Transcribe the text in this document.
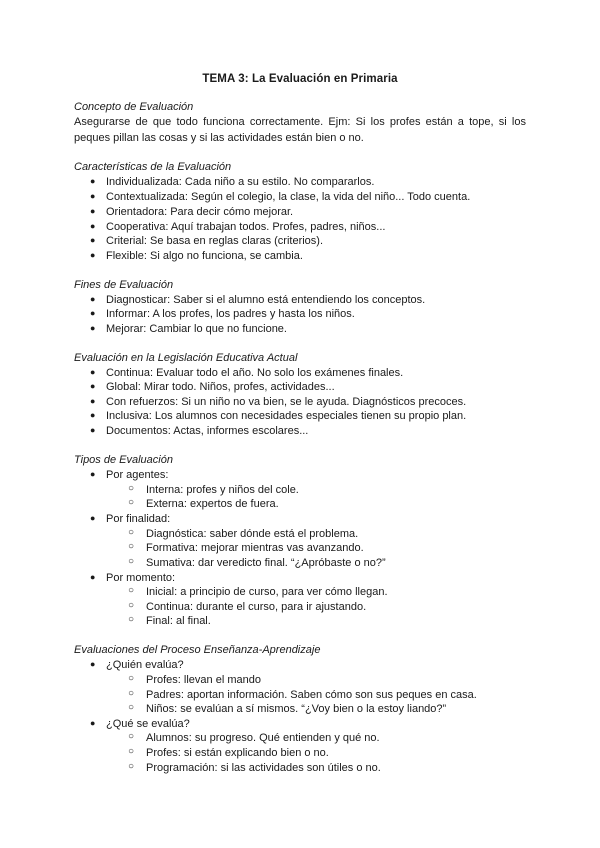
TEMA 3: La Evaluación en Primaria
Concepto de Evaluación
Asegurarse de que todo funciona correctamente. Ejm: Si los profes están a tope, si los peques pillan las cosas y si las actividades están bien o no.
Características de la Evaluación
● Individualizada: Cada niño a su estilo. No compararlos.
● Contextualizada: Según el colegio, la clase, la vida del niño... Todo cuenta.
● Orientadora: Para decir cómo mejorar.
● Cooperativa: Aquí trabajan todos. Profes, padres, niños...
● Criterial: Se basa en reglas claras (criterios).
● Flexible: Si algo no funciona, se cambia.
Fines de Evaluación
● Diagnosticar: Saber si el alumno está entendiendo los conceptos.
● Informar: A los profes, los padres y hasta los niños.
● Mejorar: Cambiar lo que no funcione.
Evaluación en la Legislación Educativa Actual
● Continua: Evaluar todo el año. No solo los exámenes finales.
● Global: Mirar todo. Niños, profes, actividades...
● Con refuerzos: Si un niño no va bien, se le ayuda. Diagnósticos precoces.
● Inclusiva: Los alumnos con necesidades especiales tienen su propio plan.
● Documentos: Actas, informes escolares...
Tipos de Evaluación
● Por agentes:
○ Interna: profes y niños del cole.
○ Externa: expertos de fuera.
● Por finalidad:
○ Diagnóstica: saber dónde está el problema.
○ Formativa: mejorar mientras vas avanzando.
○ Sumativa: dar veredicto final. “¿Apróbaste o no?”
● Por momento:
○ Inicial: a principio de curso, para ver cómo llegan.
○ Continua: durante el curso, para ir ajustando.
○ Final: al final.
Evaluaciones del Proceso Enseñanza-Aprendizaje
● ¿Quién evalúa?
○ Profes: llevan el mando
○ Padres: aportan información. Saben cómo son sus peques en casa.
○ Niños: se evalúan a sí mismos. “¿Voy bien o la estoy liando?”
● ¿Qué se evalúa?
○ Alumnos: su progreso. Qué entienden y qué no.
○ Profes: si están explicando bien o no.
○ Programación: si las actividades son útiles o no.
